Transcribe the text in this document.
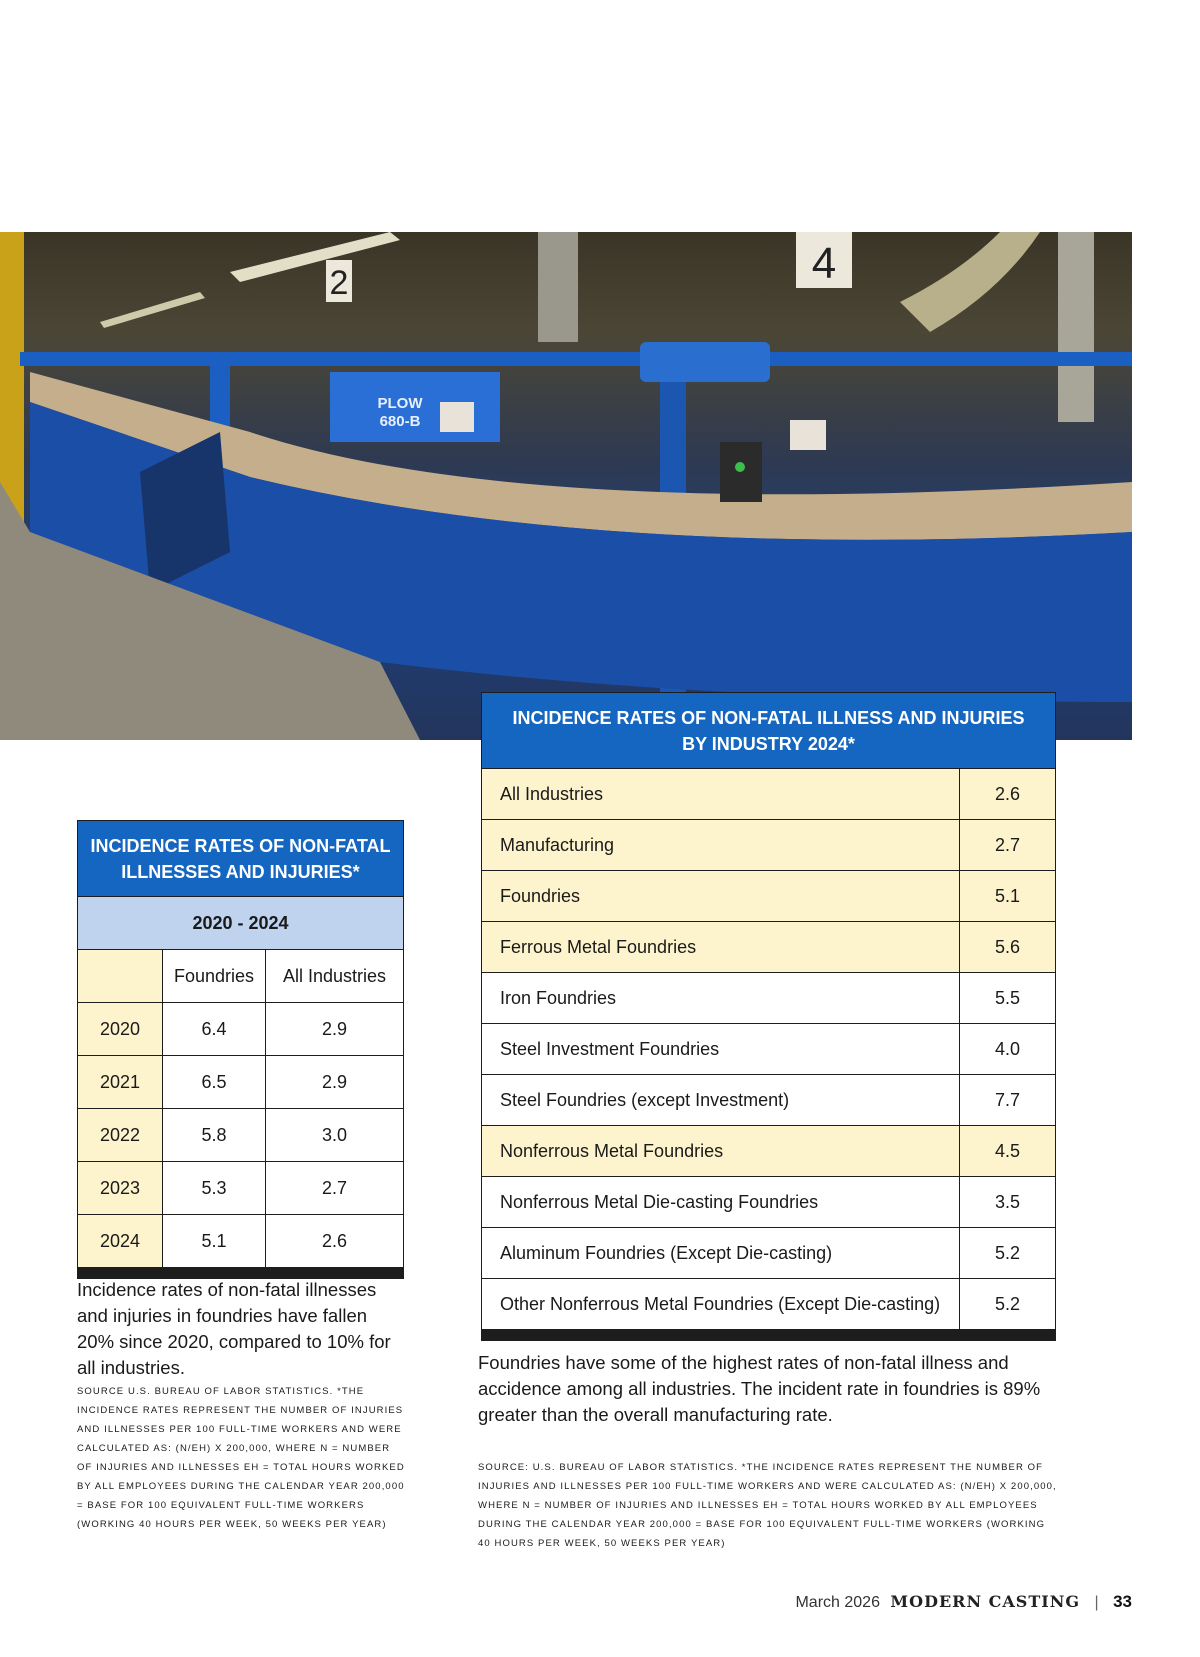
2	4
PLOW
680-B
INCIDENCE RATES OF NON-FATAL ILLNESSES AND INJURIES*		
2020 - 2024		
	Foundries	All Industries
2020	6.4	2.9
2021	6.5	2.9
2022	5.8	3.0
2023	5.3	2.7
2024	5.1	2.6

Incidence rates of non-fatal illnesses and injuries in foundries have fallen 20% since 2020, compared to 10% for all industries.
SOURCE U.S. BUREAU OF LABOR STATISTICS. *THE INCIDENCE RATES REPRESENT THE NUMBER OF INJURIES AND ILLNESSES PER 100 FULL-TIME WORKERS AND WERE CALCULATED AS: (N/EH) X 200,000, WHERE N = NUMBER OF INJURIES AND ILLNESSES EH = TOTAL HOURS WORKED BY ALL EMPLOYEES DURING THE CALENDAR YEAR 200,000 = BASE FOR 100 EQUIVALENT FULL-TIME WORKERS (WORKING 40 HOURS PER WEEK, 50 WEEKS PER YEAR)
INCIDENCE RATES OF NON-FATAL ILLNESS AND INJURIES
BY INDUSTRY 2024*	

All Industries	2.6
Manufacturing	2.7
Foundries	5.1
Ferrous Metal Foundries	5.6
Iron Foundries	5.5
Steel Investment Foundries	4.0
Steel Foundries (except Investment)	7.7
Nonferrous Metal Foundries	4.5
Nonferrous Metal Die-casting Foundries	3.5
Aluminum Foundries (Except Die-casting)	5.2
Other Nonferrous Metal Foundries (Except Die-casting)	5.2

Foundries have some of the highest rates of non-fatal illness and accidence among all industries. The incident rate in foundries is 89% greater than the overall manufacturing rate.
SOURCE: U.S. BUREAU OF LABOR STATISTICS. *THE INCIDENCE RATES REPRESENT THE NUMBER OF INJURIES AND ILLNESSES PER 100 FULL-TIME WORKERS AND WERE CALCULATED AS: (N/EH) X 200,000, WHERE N = NUMBER OF INJURIES AND ILLNESSES EH = TOTAL HOURS WORKED BY ALL EMPLOYEES DURING THE CALENDAR YEAR 200,000 = BASE FOR 100 EQUIVALENT FULL-TIME WORKERS (WORKING 40 HOURS PER WEEK, 50 WEEKS PER YEAR)
March 2026 MODERN CASTING | 33
